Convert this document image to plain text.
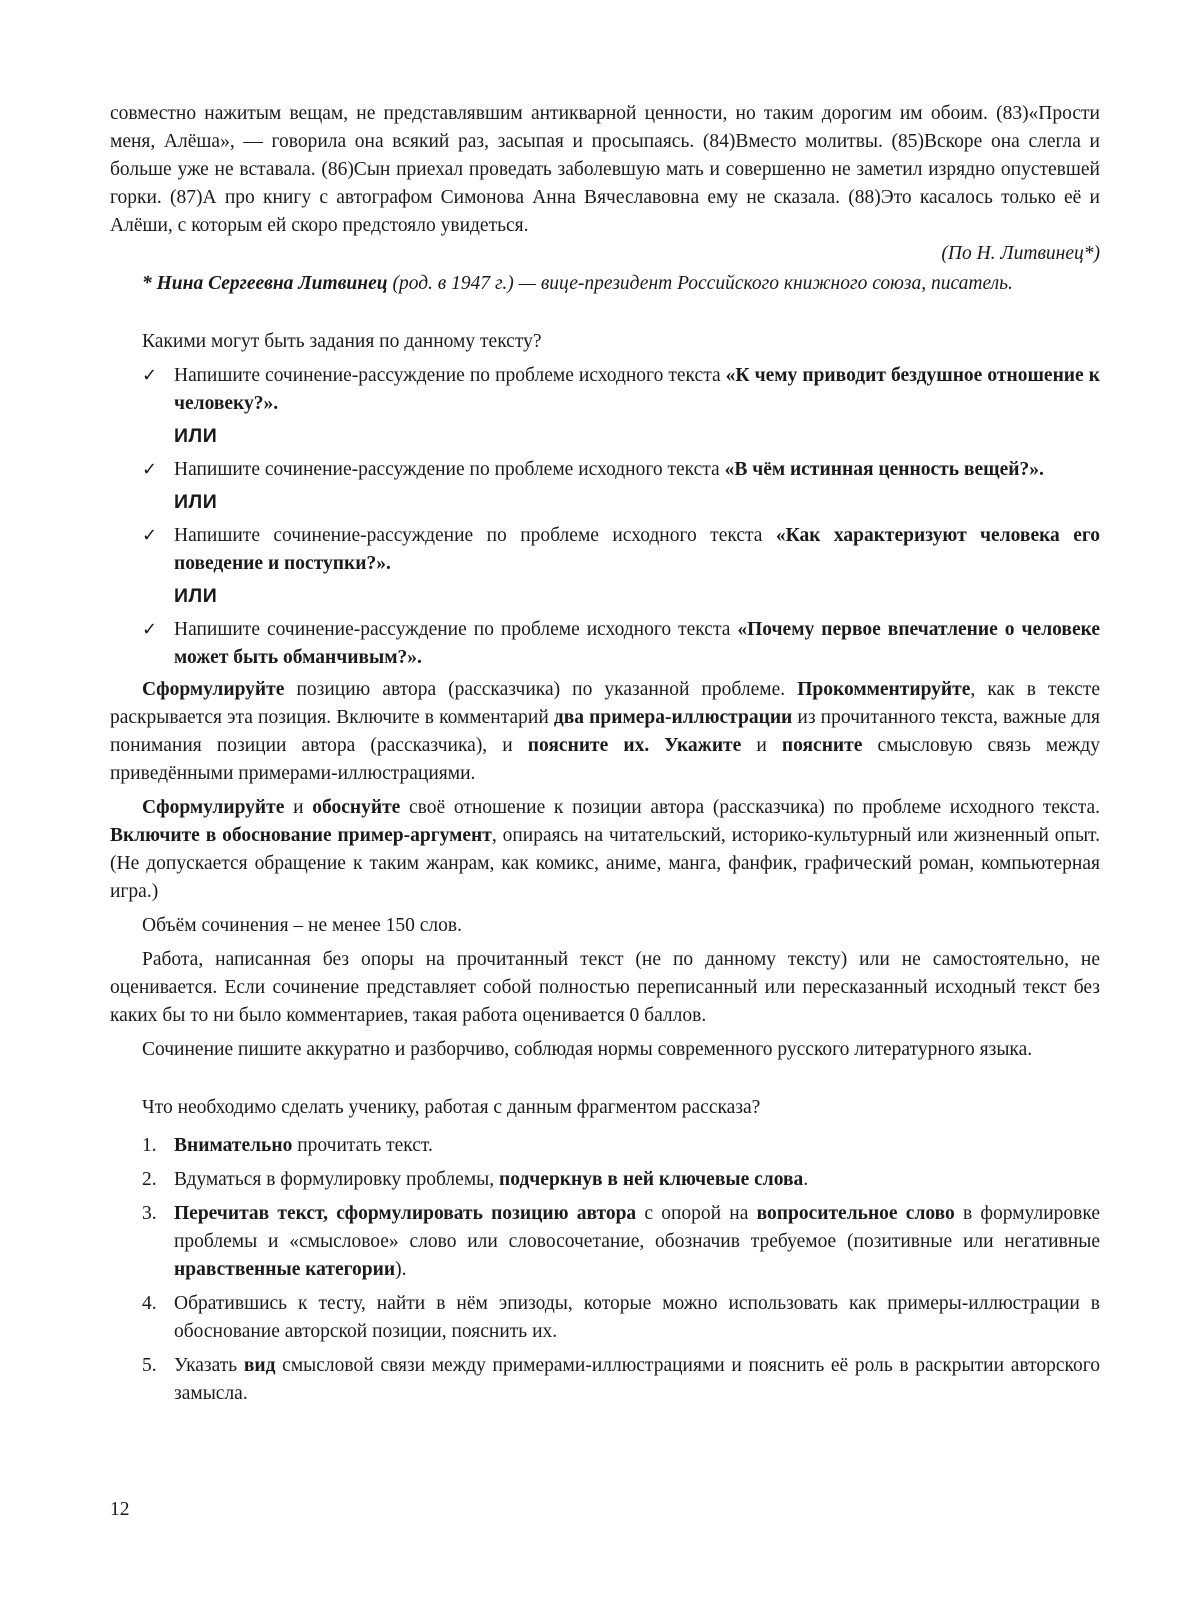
совместно нажитым вещам, не представлявшим антикварной ценности, но таким дорогим им обоим. (83)«Прости меня, Алёша», — говорила она всякий раз, засыпая и просыпаясь. (84)Вместо молитвы. (85)Вскоре она слегла и больше уже не вставала. (86)Сын приехал проведать заболевшую мать и совершенно не заметил изрядно опустевшей горки. (87)А про книгу с автографом Симонова Анна Вячеславовна ему не сказала. (88)Это касалось только её и Алёши, с которым ей скоро предстояло увидеться.

(По Н. Литвинец*)

* Нина Сергеевна Литвинец (род. в 1947 г.) — вице-президент Российского книжного союза, писатель.

Какими могут быть задания по данному тексту?

✓ Напишите сочинение-рассуждение по проблеме исходного текста «К чему приводит бездушное отношение к человеку?».
ИЛИ
✓ Напишите сочинение-рассуждение по проблеме исходного текста «В чём истинная ценность вещей?».
ИЛИ
✓ Напишите сочинение-рассуждение по проблеме исходного текста «Как характеризуют человека его поведение и поступки?».
ИЛИ
✓ Напишите сочинение-рассуждение по проблеме исходного текста «Почему первое впечатление о человеке может быть обманчивым?».

Сформулируйте позицию автора (рассказчика) по указанной проблеме. Прокомментируйте, как в тексте раскрывается эта позиция. Включите в комментарий два примера-иллюстрации из прочитанного текста, важные для понимания позиции автора (рассказчика), и поясните их. Укажите и поясните смысловую связь между приведёнными примерами-иллюстрациями.

Сформулируйте и обоснуйте своё отношение к позиции автора (рассказчика) по проблеме исходного текста. Включите в обоснование пример-аргумент, опираясь на читательский, историко-культурный или жизненный опыт. (Не допускается обращение к таким жанрам, как комикс, аниме, манга, фанфик, графический роман, компьютерная игра.)

Объём сочинения – не менее 150 слов.

Работа, написанная без опоры на прочитанный текст (не по данному тексту) или не самостоятельно, не оценивается. Если сочинение представляет собой полностью переписанный или пересказанный исходный текст без каких бы то ни было комментариев, такая работа оценивается 0 баллов.

Сочинение пишите аккуратно и разборчиво, соблюдая нормы современного русского литературного языка.

Что необходимо сделать ученику, работая с данным фрагментом рассказа?

1. Внимательно прочитать текст.
2. Вдуматься в формулировку проблемы, подчеркнув в ней ключевые слова.
3. Перечитав текст, сформулировать позицию автора с опорой на вопросительное слово в формулировке проблемы и «смысловое» слово или словосочетание, обозначив требуемое (позитивные или негативные нравственные категории).
4. Обратившись к тесту, найти в нём эпизоды, которые можно использовать как примеры-иллюстрации в обоснование авторской позиции, пояснить их.
5. Указать вид смысловой связи между примерами-иллюстрациями и пояснить её роль в раскрытии авторского замысла.
12
